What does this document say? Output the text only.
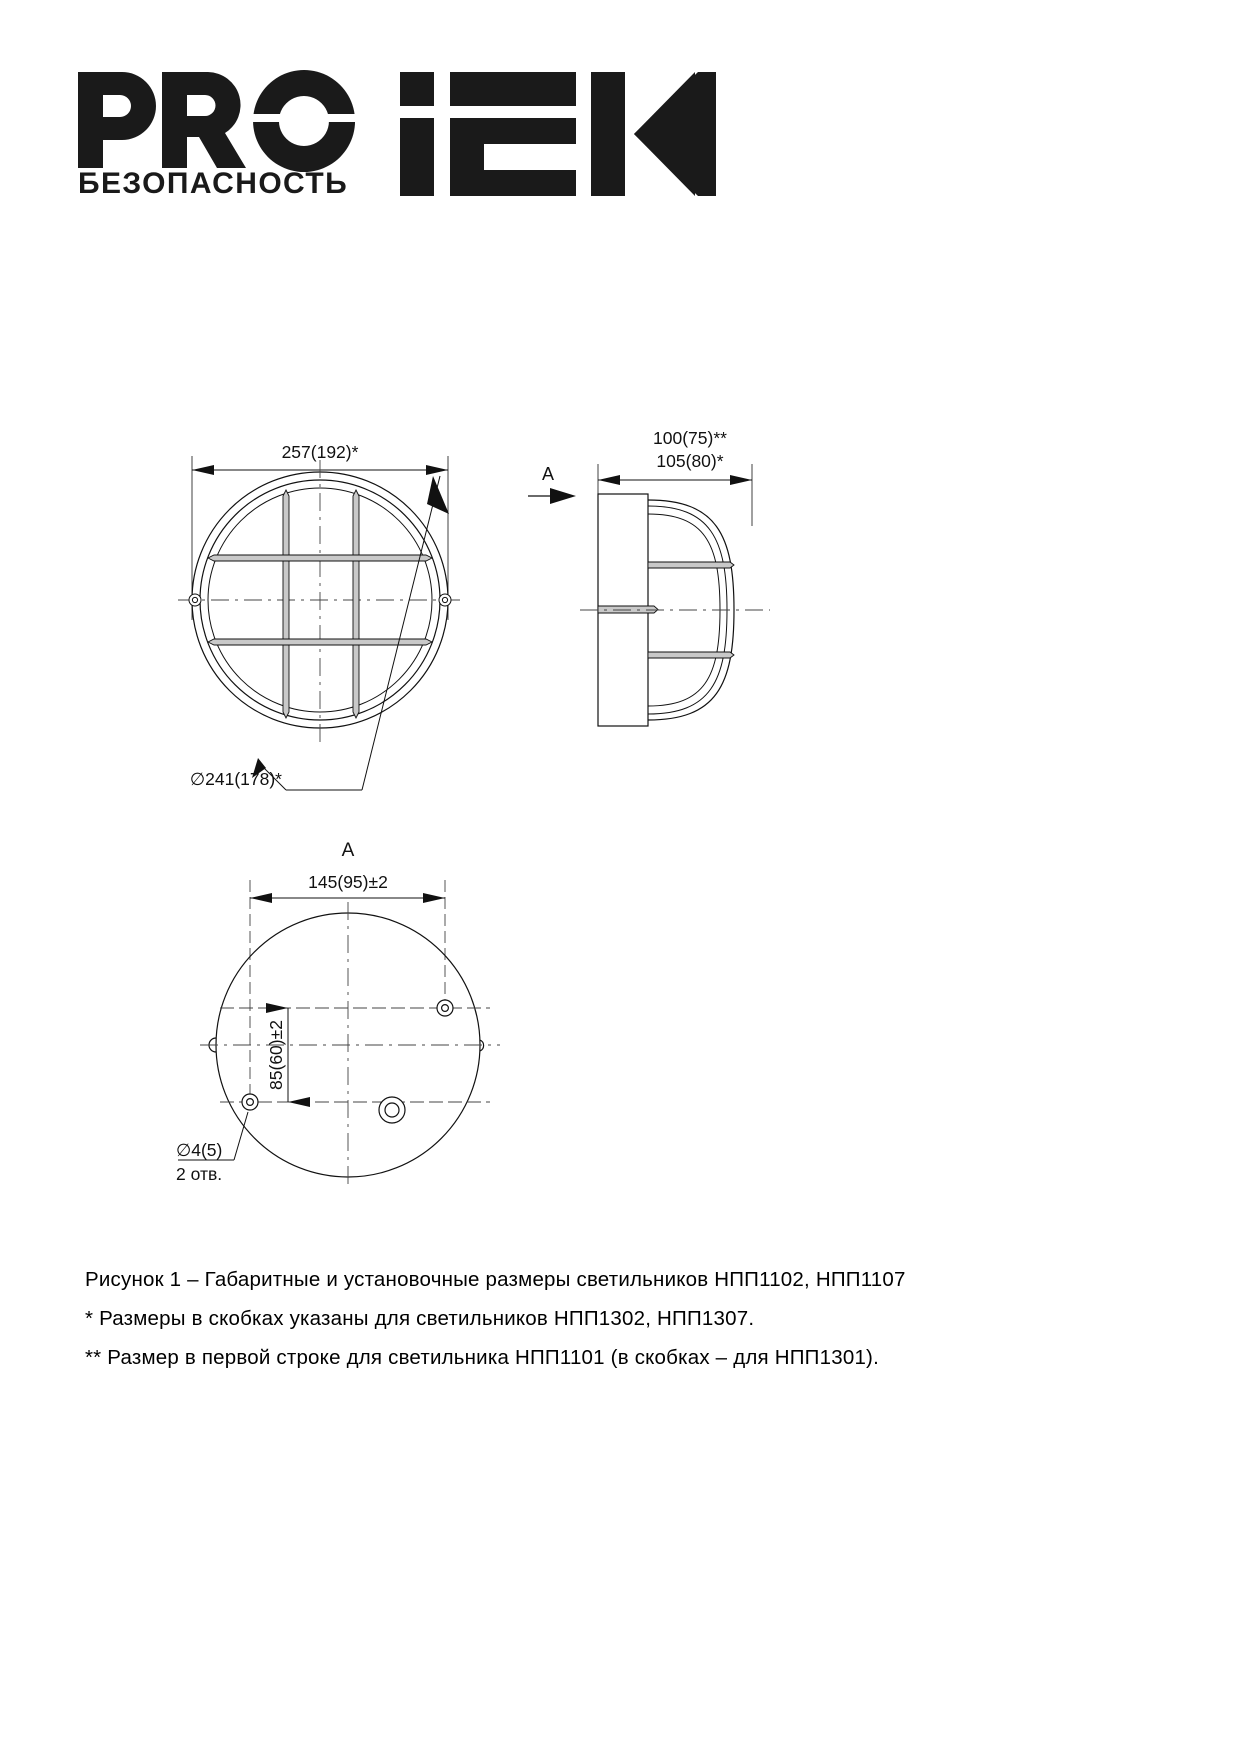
БЕЗОПАСНОСТЬ
257(192)*
∅241(178)*
100(75)**
105(80)*
A
A
145(95)±2
85(60)±2
∅4(5)
2 отв.

Рисунок 1 – Габаритные и установочные размеры светильников НПП1102, НПП1107

* Размеры в скобках указаны для светильников НПП1302, НПП1307.

** Размер в первой строке для светильника НПП1101 (в скобках – для НПП1301).
